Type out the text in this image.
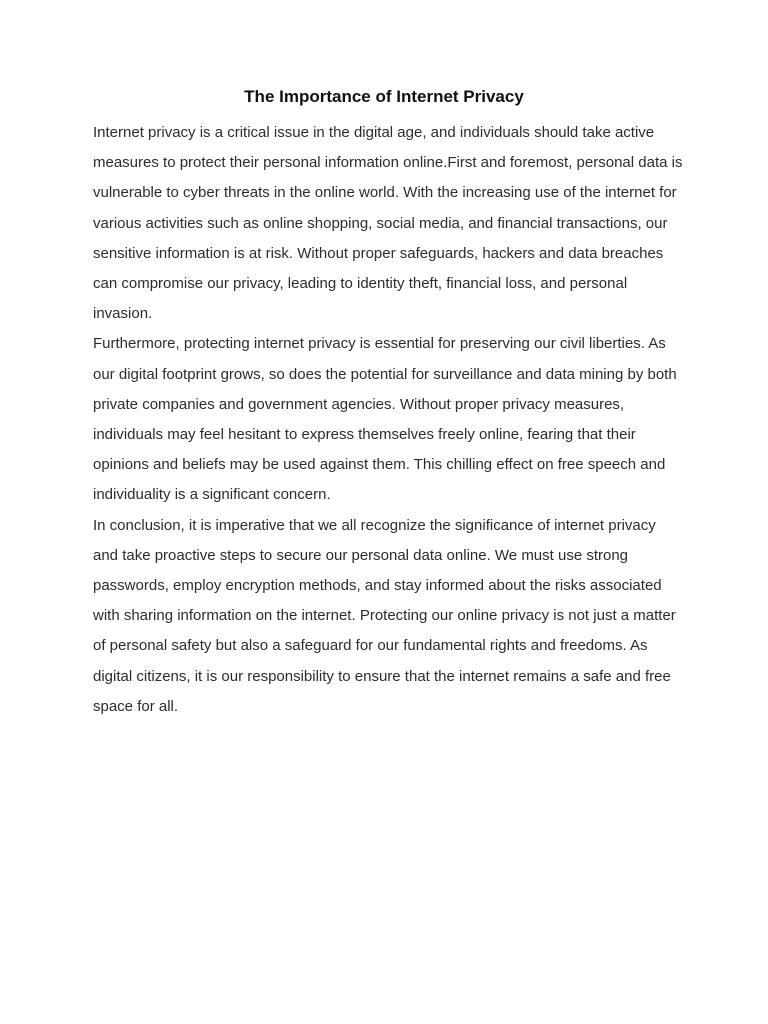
The Importance of Internet Privacy

Internet privacy is a critical issue in the digital age, and individuals should take active measures to protect their personal information online.First and foremost, personal data is vulnerable to cyber threats in the online world. With the increasing use of the internet for various activities such as online shopping, social media, and financial transactions, our sensitive information is at risk. Without proper safeguards, hackers and data breaches can compromise our privacy, leading to identity theft, financial loss, and personal invasion.

Furthermore, protecting internet privacy is essential for preserving our civil liberties. As our digital footprint grows, so does the potential for surveillance and data mining by both private companies and government agencies. Without proper privacy measures, individuals may feel hesitant to express themselves freely online, fearing that their opinions and beliefs may be used against them. This chilling effect on free speech and individuality is a significant concern.

In conclusion, it is imperative that we all recognize the significance of internet privacy and take proactive steps to secure our personal data online. We must use strong passwords, employ encryption methods, and stay informed about the risks associated with sharing information on the internet. Protecting our online privacy is not just a matter of personal safety but also a safeguard for our fundamental rights and freedoms. As digital citizens, it is our responsibility to ensure that the internet remains a safe and free space for all.
